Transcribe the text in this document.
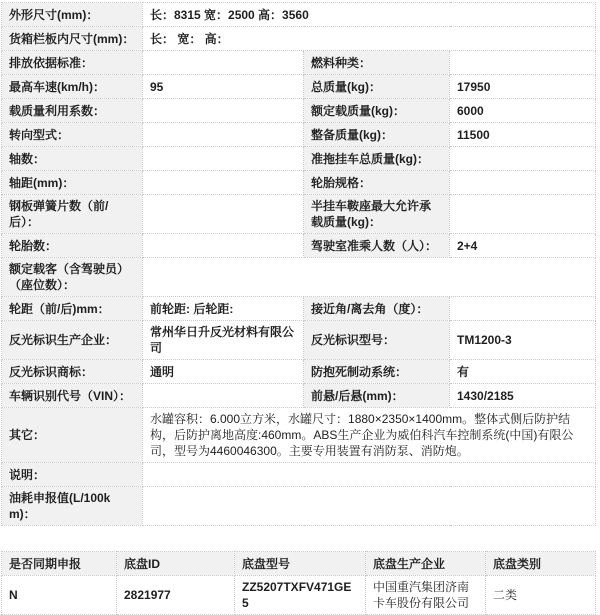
外形尺寸(mm)：	长：8315 宽：2500 高：3560		
货箱栏板内尺寸(mm)：	长： 宽： 高：		
排放依据标准：		燃料种类：	
最高车速(km/h)：	95	总质量(kg)：	17950
载质量利用系数：		额定载质量(kg)：	6000
转向型式：		整备质量(kg)：	11500
轴数：		准拖挂车总质量(kg)：	
轴距(mm)：		轮胎规格：	
钢板弹簧片数（前/后）：		半挂车鞍座最大允许承载质量(kg)：	
轮胎数：		驾驶室准乘人数（人）：	2+4
额定载客（含驾驶员）（座位数）：			
轮距（前/后)mm：	前轮距: 后轮距:	接近角/离去角（度）：	
反光标识生产企业：	常州华日升反光材料有限公司	反光标识型号：	TM1200-3
反光标识商标：	通明	防抱死制动系统：	有
车辆识别代号（VIN）：		前悬/后悬(mm)：	1430/2185
其它：	水罐容积：6.000立方米，水罐尺寸：1880×2350×1400mm。整体式侧后防护结构，后防护离地高度:460mm。ABS生产企业为威伯科汽车控制系统(中国)有限公司，型号为4460046300。主要专用装置有消防泵、消防炮。		
说明：			
油耗申报值(L/100km)：			
是否同期申报	底盘ID	底盘型号	底盘生产企业	底盘类别
N	2821977	ZZ5207TXFV471GE5	中国重汽集团济南卡车股份有限公司	二类
